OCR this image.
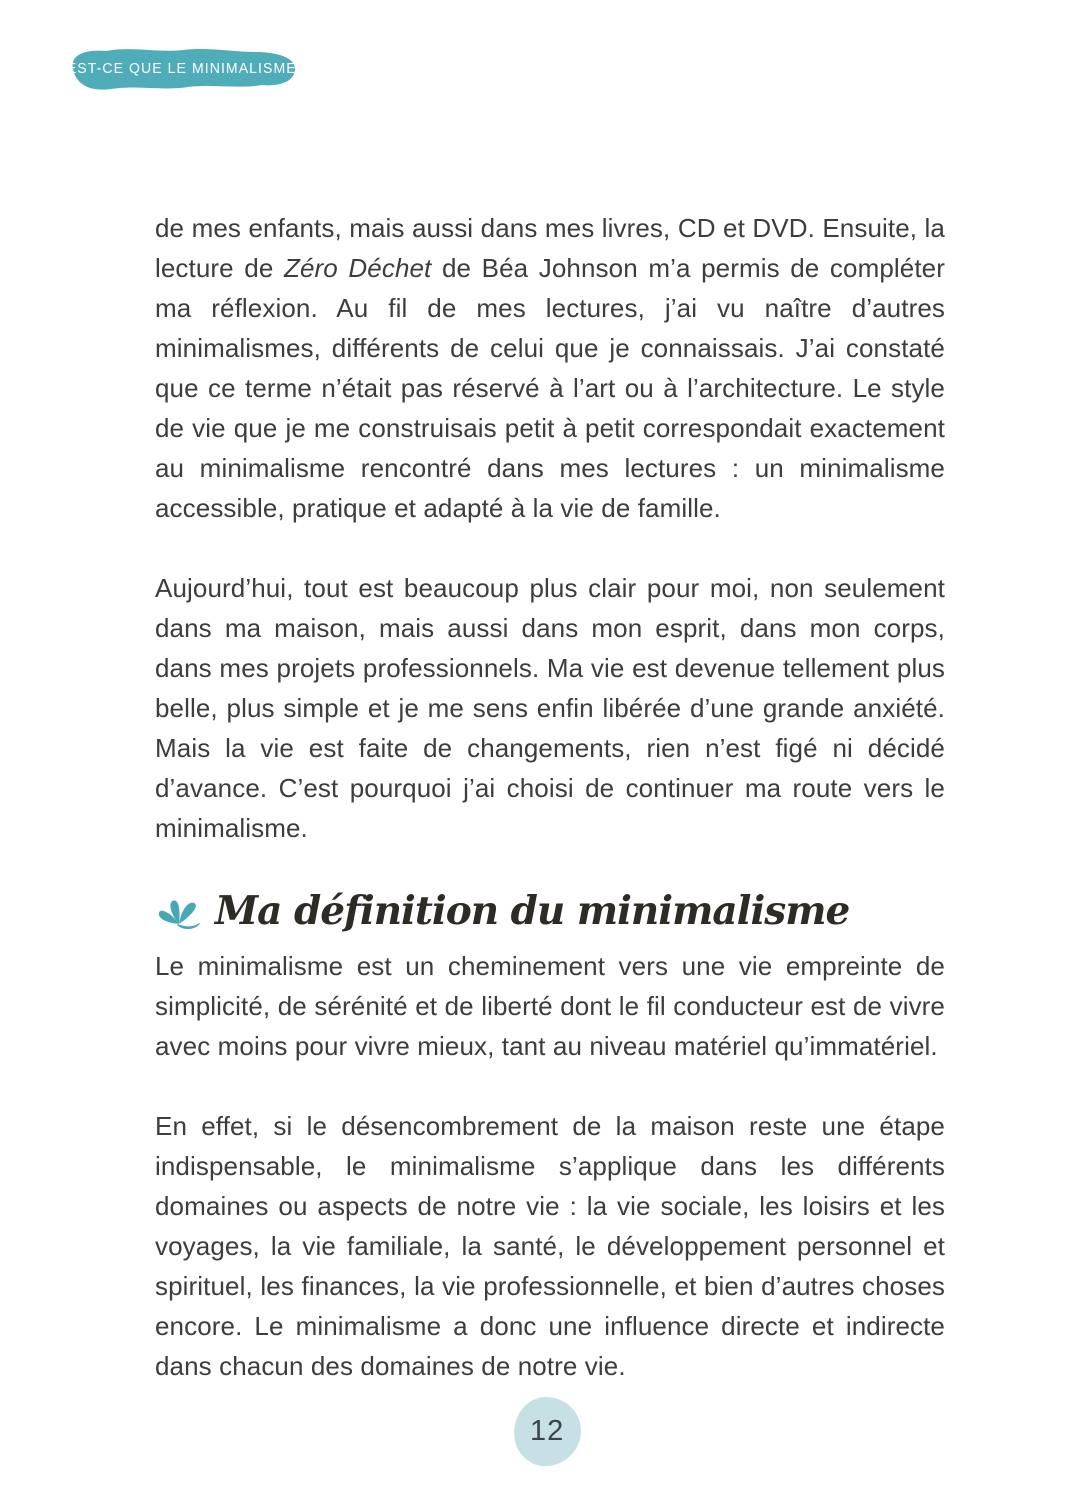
QU’EST-CE QUE LE MINIMALISME ?

de mes enfants, mais aussi dans mes livres, CD et DVD. Ensuite, la lecture de Zéro Déchet de Béa Johnson m’a permis de compléter ma réflexion. Au fil de mes lectures, j’ai vu naître d’autres minimalismes, différents de celui que je connaissais. J’ai constaté que ce terme n’était pas réservé à l’art ou à l’architecture. Le style de vie que je me construisais petit à petit correspondait exactement au minimalisme rencontré dans mes lectures : un minimalisme accessible, pratique et adapté à la vie de famille.

Aujourd’hui, tout est beaucoup plus clair pour moi, non seulement dans ma maison, mais aussi dans mon esprit, dans mon corps, dans mes projets professionnels. Ma vie est devenue tellement plus belle, plus simple et je me sens enfin libérée d’une grande anxiété. Mais la vie est faite de changements, rien n’est figé ni décidé d’avance. C’est pourquoi j’ai choisi de continuer ma route vers le minimalisme.

Ma définition du minimalisme

Le minimalisme est un cheminement vers une vie empreinte de simplicité, de sérénité et de liberté dont le fil conducteur est de vivre avec moins pour vivre mieux, tant au niveau matériel qu’immatériel.

En effet, si le désencombrement de la maison reste une étape indispensable, le minimalisme s’applique dans les différents domaines ou aspects de notre vie : la vie sociale, les loisirs et les voyages, la vie familiale, la santé, le développement personnel et spirituel, les finances, la vie professionnelle, et bien d’autres choses encore. Le minimalisme a donc une influence directe et indirecte dans chacun des domaines de notre vie.

12
